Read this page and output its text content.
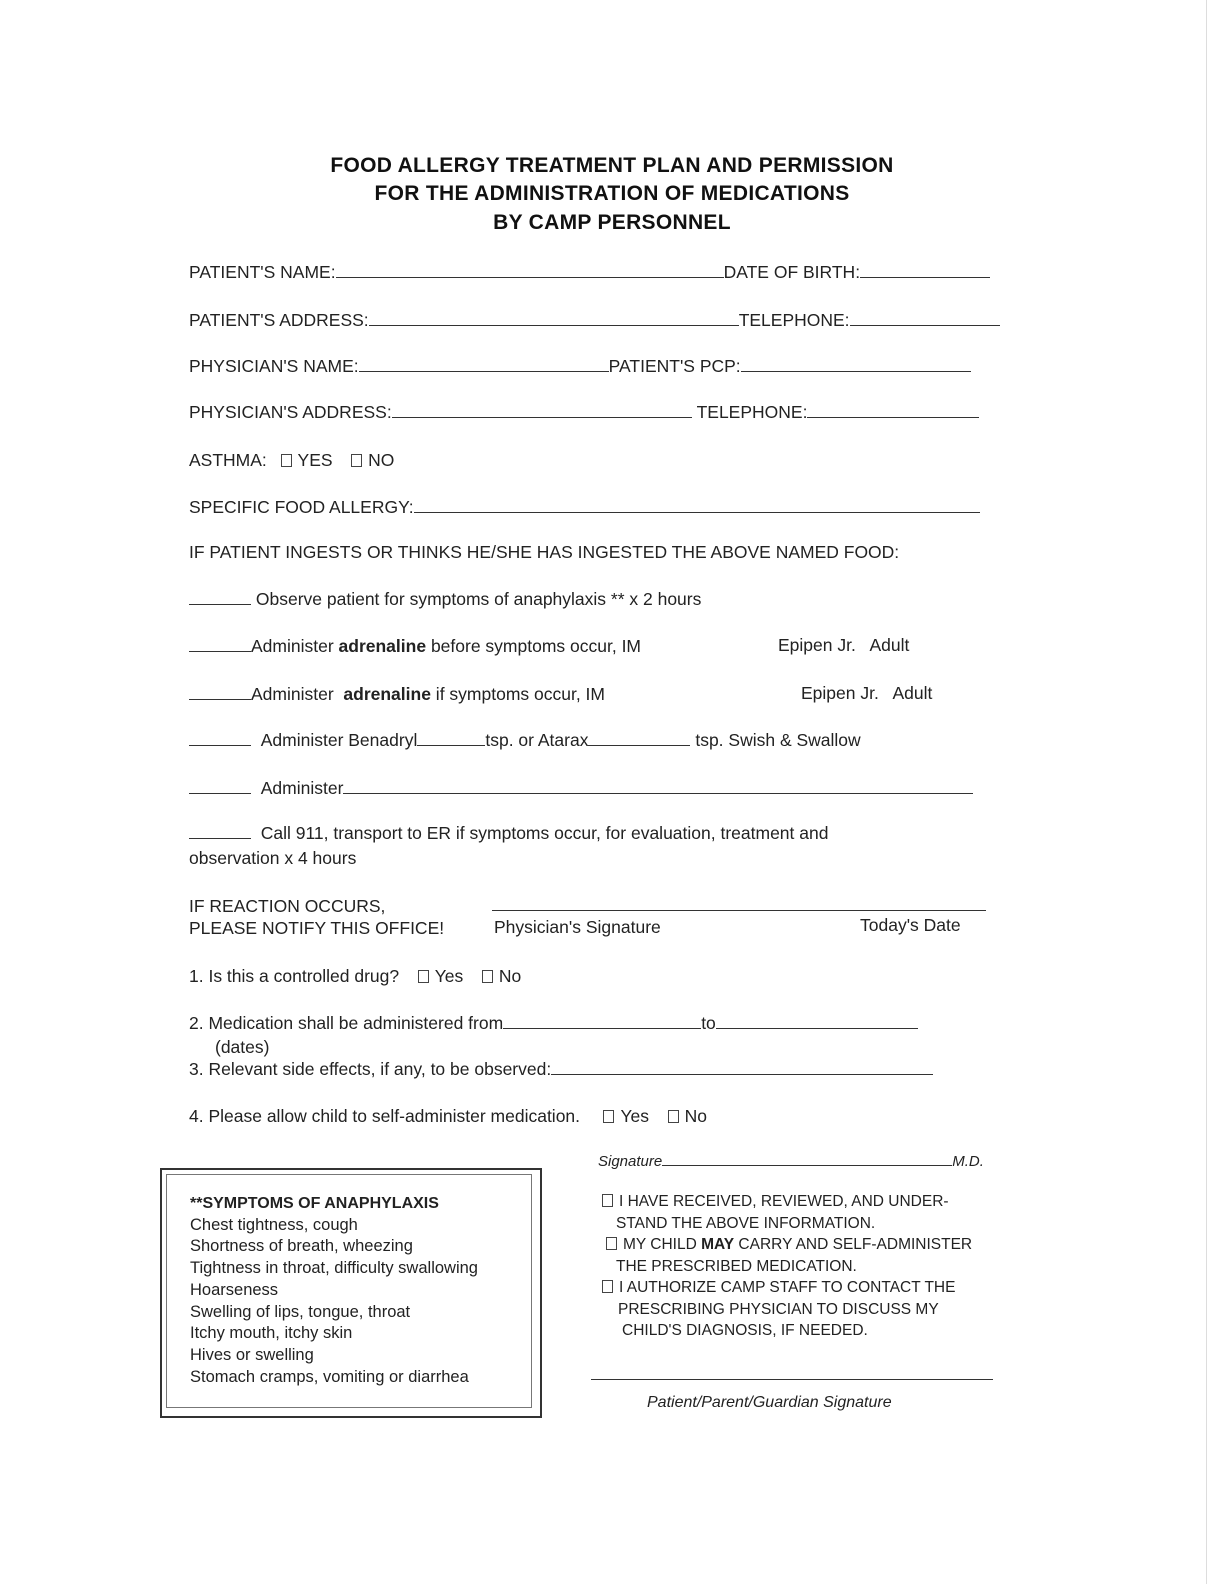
FOOD ALLERGY TREATMENT PLAN AND PERMISSION
FOR THE ADMINISTRATION OF MEDICATIONS
BY CAMP PERSONNEL
PATIENT'S NAME:	DATE OF BIRTH:
PATIENT'S ADDRESS:	TELEPHONE:
PHYSICIAN'S NAME:	PATIENT'S PCP:
PHYSICIAN'S ADDRESS:	TELEPHONE:
ASTHMA: YES NO
SPECIFIC FOOD ALLERGY:
IF PATIENT INGESTS OR THINKS HE/SHE HAS INGESTED THE ABOVE NAMED FOOD:
Observe patient for symptoms of anaphylaxis ** x 2 hours
Administer adrenaline before symptoms occur, IM	Epipen Jr.   Adult
Administer  adrenaline if symptoms occur, IM	Epipen Jr.   Adult
Administer Benadryl	tsp. or Atarax	tsp. Swish & Swallow
Administer
Call 911, transport to ER if symptoms occur, for evaluation, treatment and
observation x 4 hours
IF REACTION OCCURS,
PLEASE NOTIFY THIS OFFICE!	Physician's Signature	Today's Date
1. Is this a controlled drug? Yes No
2. Medication shall be administered from	to
(dates)
3. Relevant side effects, if any, to be observed:
4. Please allow child to self-administer medication. Yes No
Signature	M.D.
**SYMPTOMS OF ANAPHYLAXIS
Chest tightness, cough
Shortness of breath, wheezing
Tightness in throat, difficulty swallowing
Hoarseness
Swelling of lips, tongue, throat
Itchy mouth, itchy skin
Hives or swelling
Stomach cramps, vomiting or diarrhea
I HAVE RECEIVED, REVIEWED, AND UNDER-
STAND THE ABOVE INFORMATION.
MY CHILD MAY CARRY AND SELF-ADMINISTER
THE PRESCRIBED MEDICATION.
I AUTHORIZE CAMP STAFF TO CONTACT THE
PRESCRIBING PHYSICIAN TO DISCUSS MY
CHILD'S DIAGNOSIS, IF NEEDED.
Patient/Parent/Guardian Signature
